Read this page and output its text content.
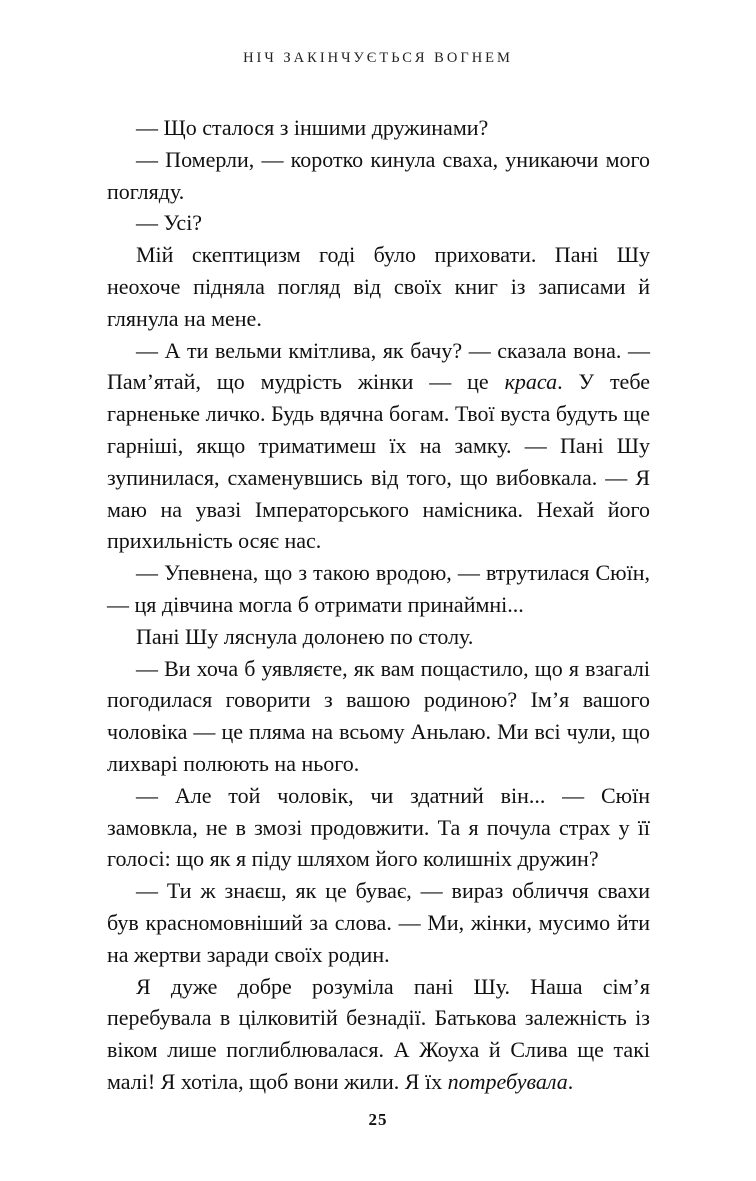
НІЧ ЗАКІНЧУЄТЬСЯ ВОГНЕМ

— Що сталося з іншими дружинами?

— Померли, — коротко кинула сваха, уникаючи мого погляду.

— Усі?

Мій скептицизм годі було приховати. Пані Шу неохоче підняла погляд від своїх книг із записами й глянула на мене.

— А ти вельми кмітлива, як бачу? — сказала вона. — Пам’ятай, що мудрість жінки — це краса. У тебе гарненьке личко. Будь вдячна богам. Твої вуста будуть ще гарніші, якщо триматимеш їх на замку. — Пані Шу зупинилася, схаменувшись від того, що вибовкала. — Я маю на увазі Імператорського намісника. Нехай його прихильність осяє нас.

— Упевнена, що з такою вродою, — втрутилася Сюїн, — ця дівчина могла б отримати принаймні...

Пані Шу ляснула долонею по столу.

— Ви хоча б уявляєте, як вам пощастило, що я взагалі погодилася говорити з вашою родиною? Ім’я вашого чоловіка — це пляма на всьому Аньлаю. Ми всі чули, що лихварі полюють на нього.

— Але той чоловік, чи здатний він... — Сюїн замовкла, не в змозі продовжити. Та я почула страх у її голосі: що як я піду шляхом його колишніх дружин?

— Ти ж знаєш, як це буває, — вираз обличчя свахи був красномовніший за слова. — Ми, жінки, мусимо йти на жертви заради своїх родин.

Я дуже добре розуміла пані Шу. Наша сім’я перебувала в цілковитій безнадії. Батькова залежність із віком лише поглиблювалася. А Жоуха й Слива ще такі малі! Я хотіла, щоб вони жили. Я їх потребувала.

25
